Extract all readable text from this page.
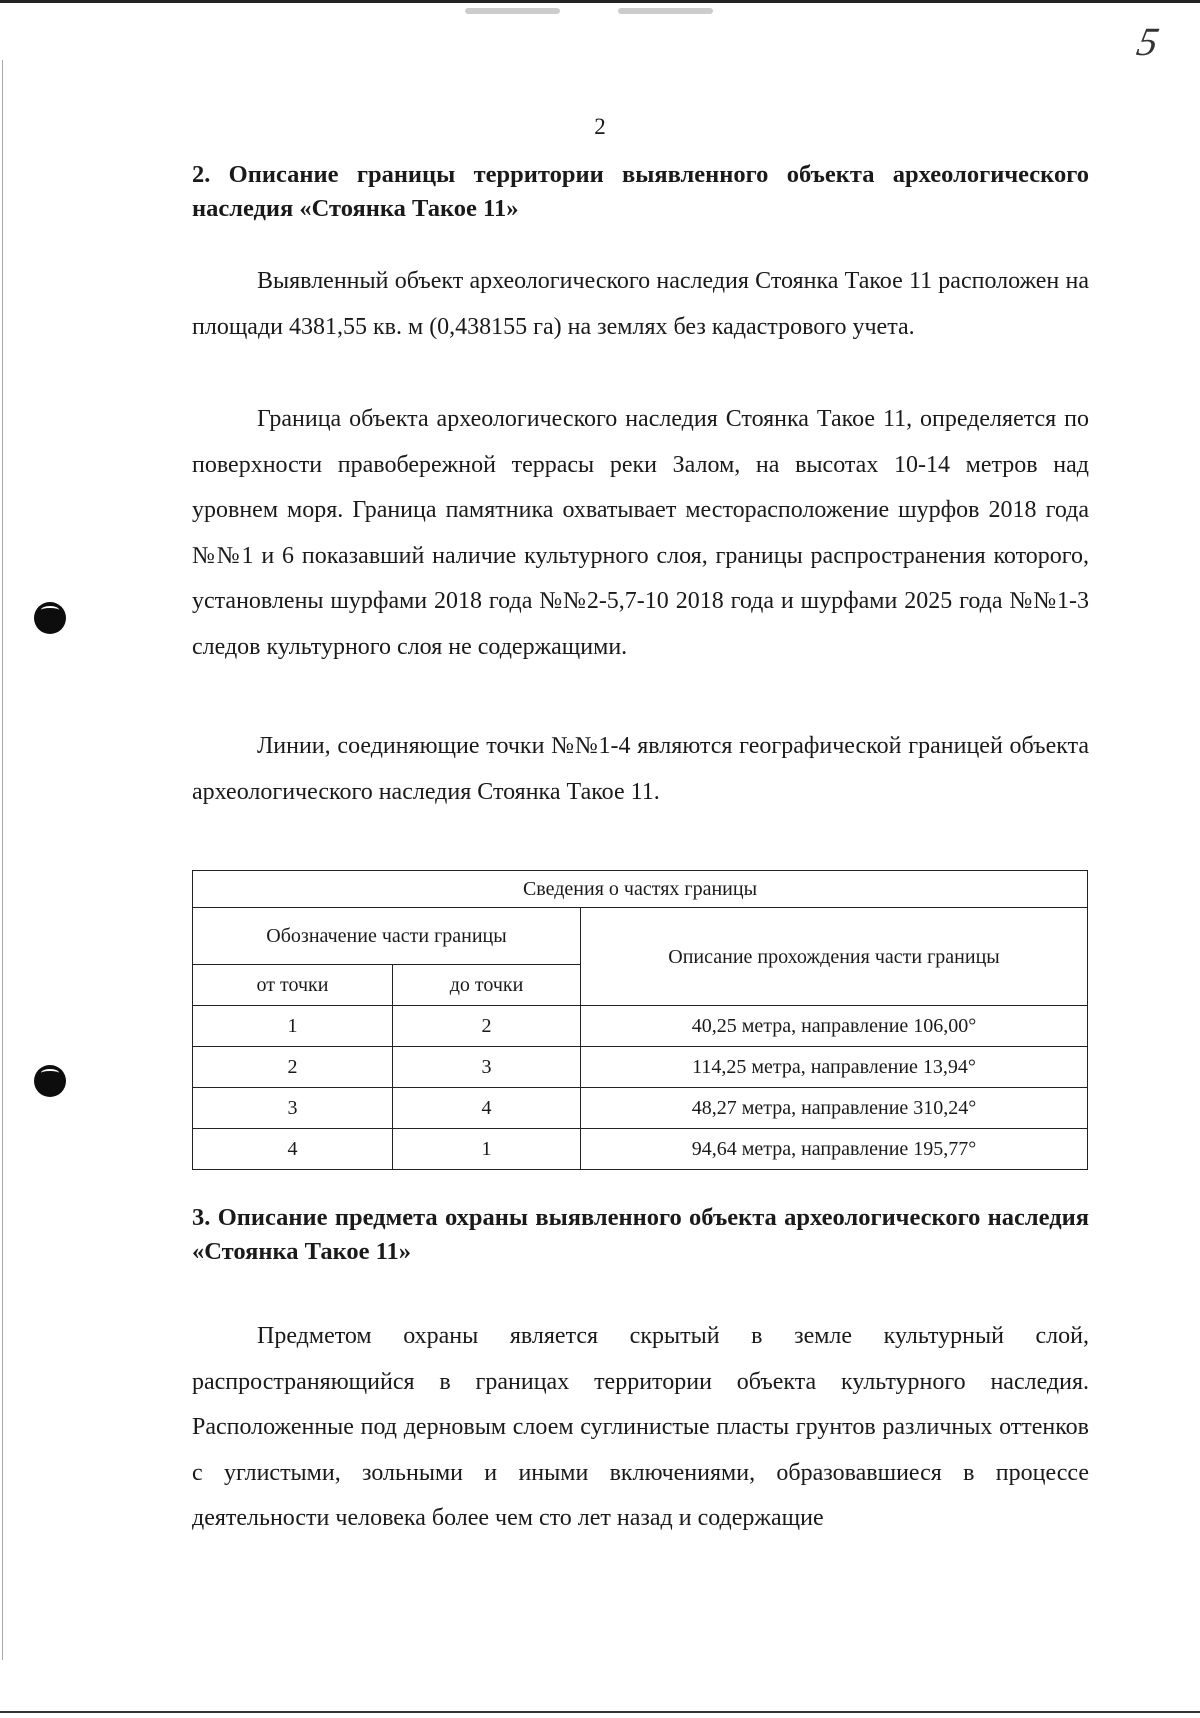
5
2
2. Описание границы территории выявленного объекта археологического наследия «Стоянка Такое 11»

Выявленный объект археологического наследия Стоянка Такое 11 расположен на площади 4381,55 кв. м (0,438155 га) на землях без кадастрового учета.

Граница объекта археологического наследия Стоянка Такое 11, определяется по поверхности правобережной террасы реки Залом, на высотах 10-14 метров над уровнем моря. Граница памятника охватывает месторасположение шурфов 2018 года №№1 и 6 показавший наличие культурного слоя, границы распространения которого, установлены шурфами 2018 года №№2-5,7-10 2018 года и шурфами 2025 года №№1-3 следов культурного слоя не содержащими.

Линии, соединяющие точки №№1-4 являются географической границей объекта археологического наследия Стоянка Такое 11.

Сведения о частях границы		
Обозначение части границы		Описание прохождения части границы
от точки	до точки	
1	2	40,25 метра, направление 106,00°
2	3	114,25 метра, направление 13,94°
3	4	48,27 метра, направление 310,24°
4	1	94,64 метра, направление 195,77°
3. Описание предмета охраны выявленного объекта археологического наследия «Стоянка Такое 11»

Предметом охраны является скрытый в земле культурный слой, распространяющийся в границах территории объекта культурного наследия. Расположенные под дерновым слоем суглинистые пласты грунтов различных оттенков с углистыми, зольными и иными включениями, образовавшиеся в процессе деятельности человека более чем сто лет назад и содержащие
